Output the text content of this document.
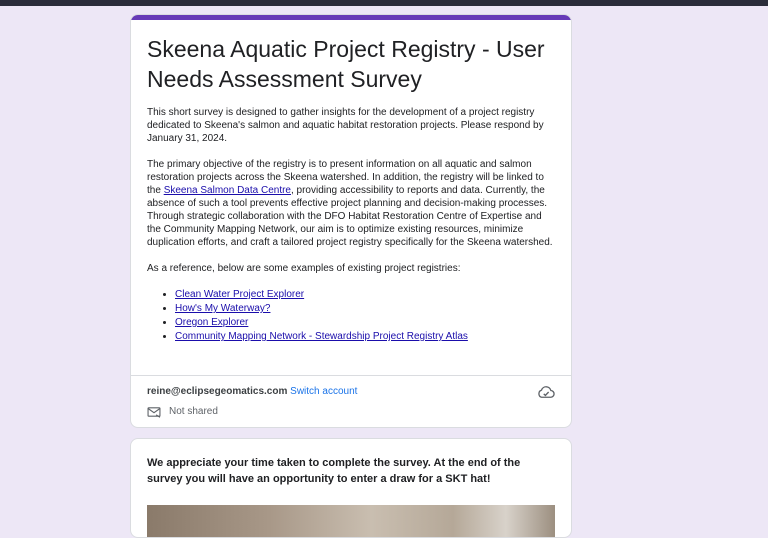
Skeena Aquatic Project Registry - User Needs Assessment Survey

This short survey is designed to gather insights for the development of a project registry dedicated to Skeena's salmon and aquatic habitat restoration projects. Please respond by January 31, 2024.

The primary objective of the registry is to present information on all aquatic and salmon restoration projects across the Skeena watershed. In addition, the registry will be linked to the Skeena Salmon Data Centre, providing accessibility to reports and data. Currently, the absence of such a tool prevents effective project planning and decision-making processes. Through strategic collaboration with the DFO Habitat Restoration Centre of Expertise and the Community Mapping Network, our aim is to optimize existing resources, minimize duplication efforts, and craft a tailored project registry specifically for the Skeena watershed.

As a reference, below are some examples of existing project registries:

• Clean Water Project Explorer
• How's My Waterway?
• Oregon Explorer
• Community Mapping Network - Stewardship Project Registry Atlas
reine@eclipsegeomatics.com Switch account
Not shared
We appreciate your time taken to complete the survey. At the end of the survey you will have an opportunity to enter a draw for a SKT hat!
